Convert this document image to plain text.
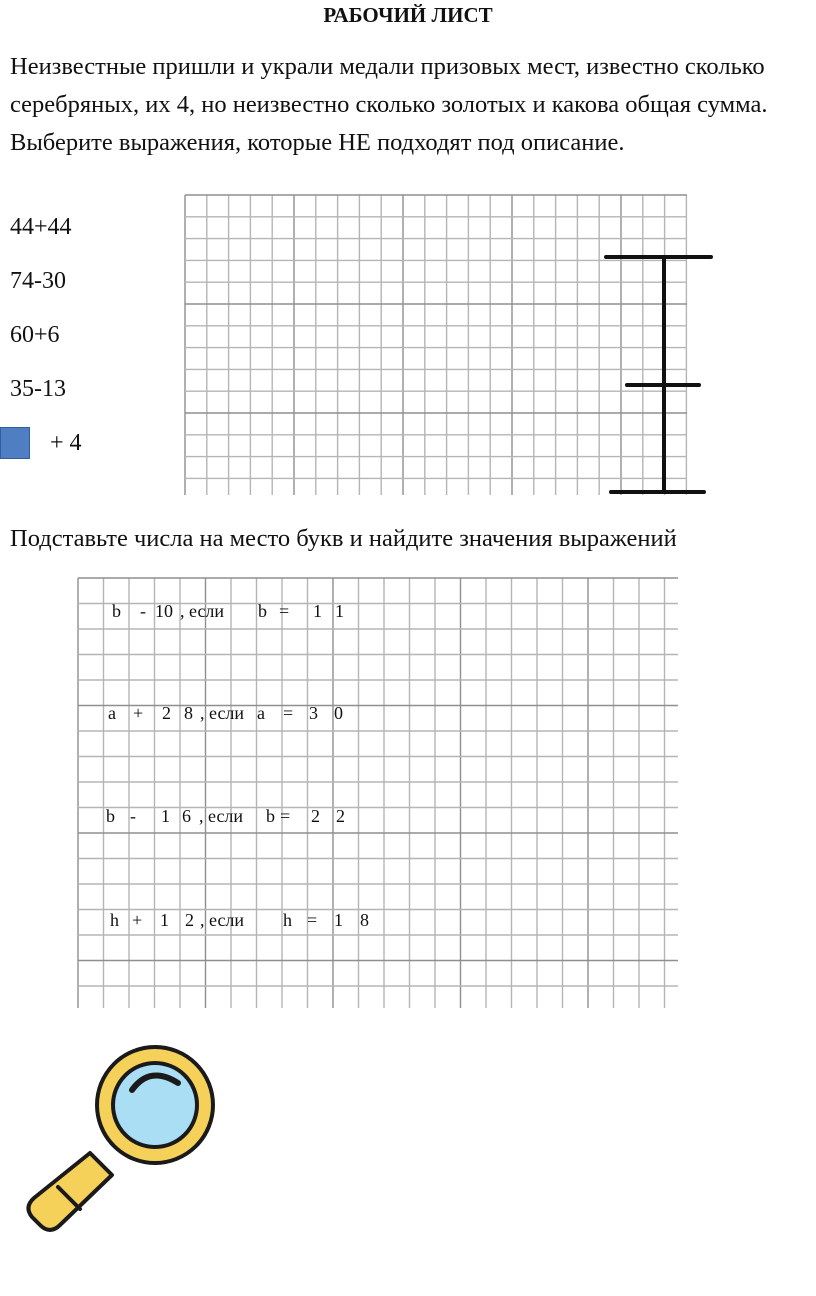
РАБОЧИЙ ЛИСТ
Неизвестные пришли и украли медали призовых мест, известно сколько серебряных, их 4, но неизвестно сколько золотых и какова общая сумма. Выберите выражения, которые НЕ подходят под описание.
44+44
74-30
60+6
35-13
+ 4
Подставьте числа на место букв и найдите значения выражений
b - 10 , если b = 1 1
a + 2 8 , если a = 3 0
b - 1 6 , если b = 2 2
h + 1 2 , если h = 1 8
